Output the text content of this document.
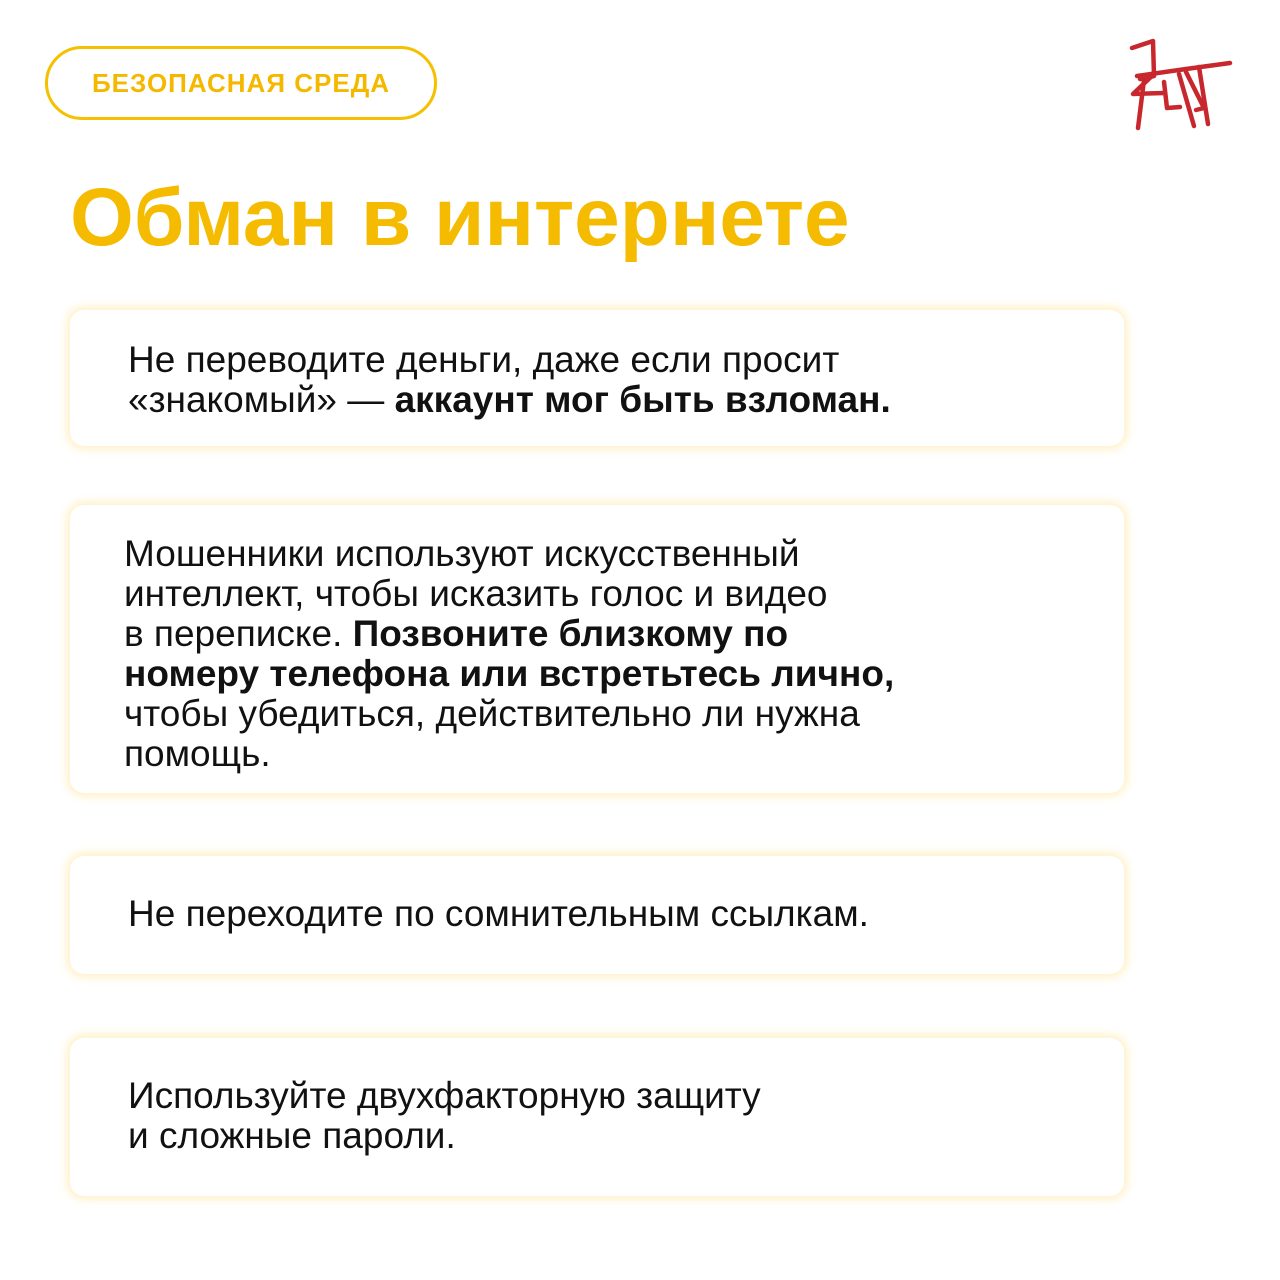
БЕЗОПАСНАЯ СРЕДА
Обман в интернете

Не переводите деньги, даже если просит
«знакомый» — аккаунт мог быть взломан.

Мошенники используют искусственный
интеллект, чтобы исказить голос и видео
в переписке. Позвоните близкому по
номеру телефона или встретьтесь лично,
чтобы убедиться, действительно ли нужна
помощь.

Не переходите по сомнительным ссылкам.

Используйте двухфакторную защиту
и сложные пароли.
